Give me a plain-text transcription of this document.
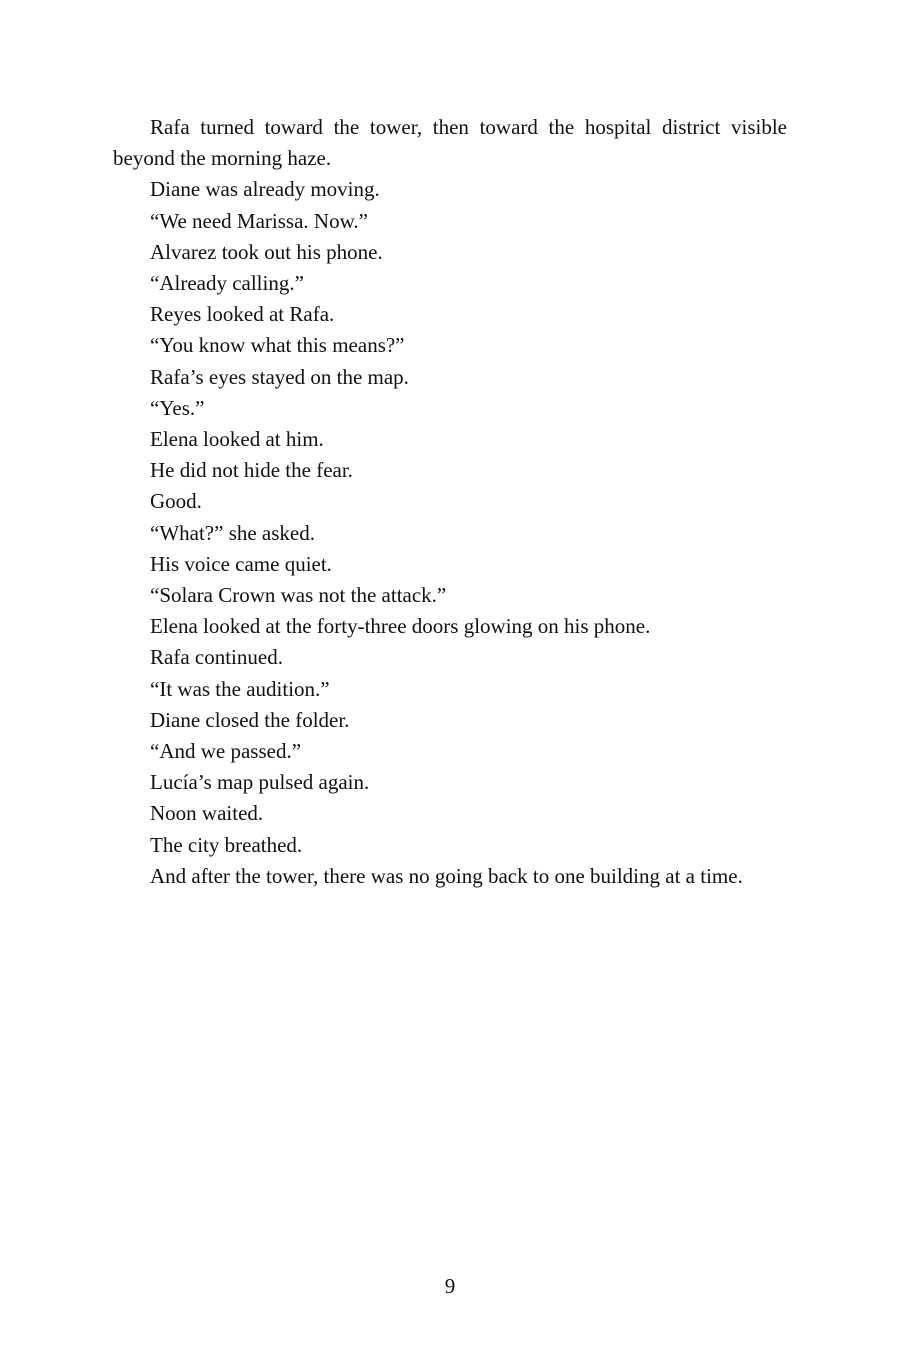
Rafa turned toward the tower, then toward the hospital district visible beyond the morning haze.

Diane was already moving.

“We need Marissa. Now.”

Alvarez took out his phone.

“Already calling.”

Reyes looked at Rafa.

“You know what this means?”

Rafa’s eyes stayed on the map.

“Yes.”

Elena looked at him.

He did not hide the fear.

Good.

“What?” she asked.

His voice came quiet.

“Solara Crown was not the attack.”

Elena looked at the forty-three doors glowing on his phone.

Rafa continued.

“It was the audition.”

Diane closed the folder.

“And we passed.”

Lucía’s map pulsed again.

Noon waited.

The city breathed.

And after the tower, there was no going back to one building at a time.

9
